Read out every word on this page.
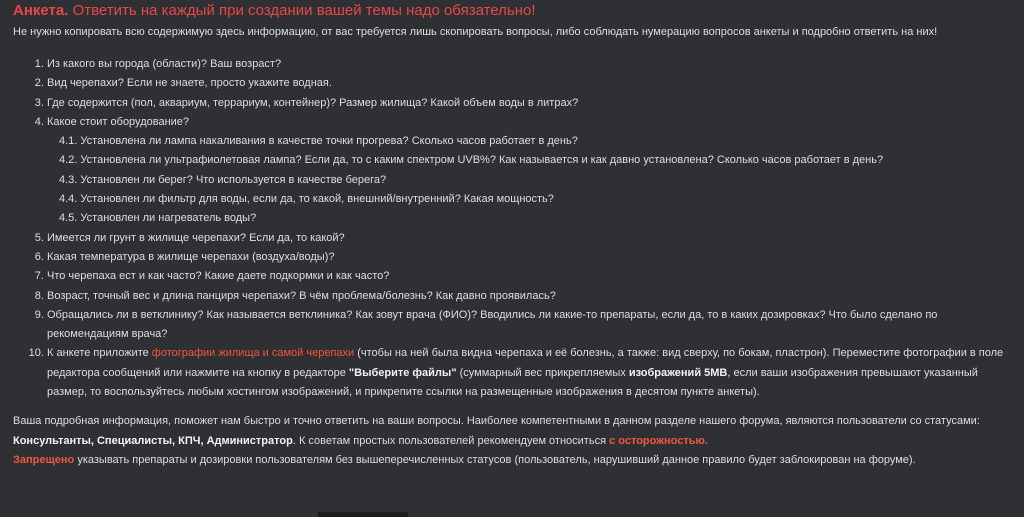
Анкета. Ответить на каждый при создании вашей темы надо обязательно!
Не нужно копировать всю содержимую здесь информацию, от вас требуется лишь скопировать вопросы, либо соблюдать нумерацию вопросов анкеты и подробно ответить на них!
1. Из какого вы города (области)? Ваш возраст?
2. Вид черепахи? Если не знаете, просто укажите водная.
3. Где содержится (пол, аквариум, террариум, контейнер)? Размер жилища? Какой объем воды в литрах?
4. Какое стоит оборудование?
4.1. Установлена ли лампа накаливания в качестве точки прогрева? Сколько часов работает в день?
4.2. Установлена ли ультрафиолетовая лампа? Если да, то с каким спектром UVB%? Как называется и как давно установлена? Сколько часов работает в день?
4.3. Установлен ли берег? Что используется в качестве берега?
4.4. Установлен ли фильтр для воды, если да, то какой, внешний/внутренний? Какая мощность?
4.5. Установлен ли нагреватель воды?
5. Имеется ли грунт в жилище черепахи? Если да, то какой?
6. Какая температура в жилище черепахи (воздуха/воды)?
7. Что черепаха ест и как часто? Какие даете подкормки и как часто?
8. Возраст, точный вес и длина панциря черепахи? В чём проблема/болезнь? Как давно проявилась?
9. Обращались ли в ветклинику? Как называется ветклиника? Как зовут врача (ФИО)? Вводились ли какие-то препараты, если да, то в каких дозировках? Что было сделано по рекомендациям врача?
10. К анкете приложите фотографии жилища и самой черепахи (чтобы на ней была видна черепаха и её болезнь, а также: вид сверху, по бокам, пластрон). Переместите фотографии в поле редактора сообщений или нажмите на кнопку в редакторе "Выберите файлы" (суммарный вес прикрепляемых изображений 5MB, если ваши изображения превышают указанный размер, то воспользуйтесь любым хостингом изображений, и прикрепите ссылки на размещенные изображения в десятом пункте анкеты).
Ваша подробная информация, поможет нам быстро и точно ответить на ваши вопросы. Наиболее компетентными в данном разделе нашего форума, являются пользователи со статусами: Консультанты, Специалисты, КПЧ, Администратор. К советам простых пользователей рекомендуем относиться с осторожностью.
Запрещено указывать препараты и дозировки пользователям без вышеперечисленных статусов (пользователь, нарушивший данное правило будет заблокирован на форуме).
